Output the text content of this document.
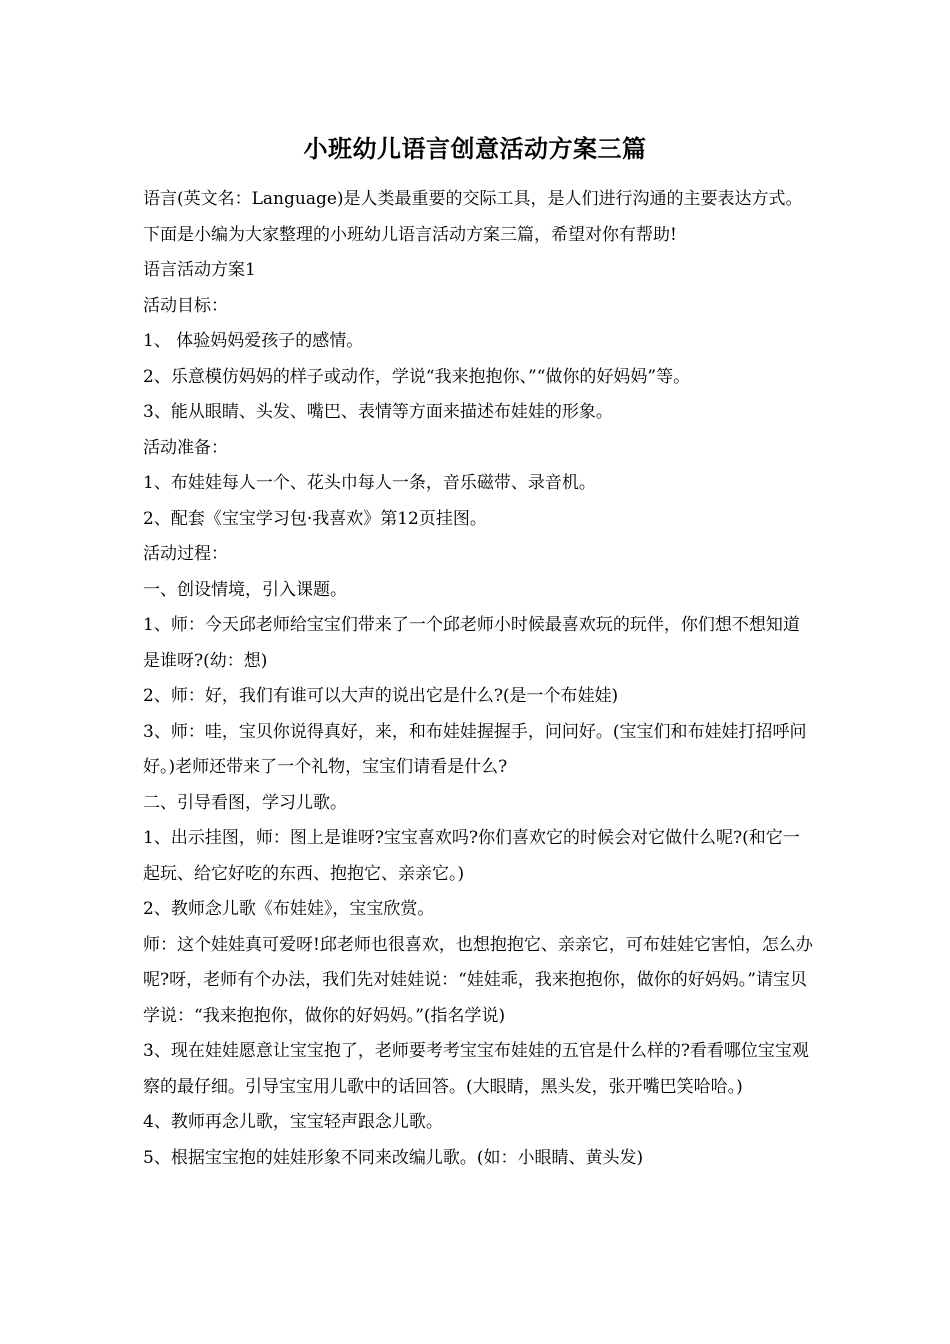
小班幼儿语言创意活动方案三篇

语言(英文名：Language)是人类最重要的交际工具，是人们进行沟通的主要表达方式。下面是小编为大家整理的小班幼儿语言活动方案三篇，希望对你有帮助!

语言活动方案1

活动目标：

1、 体验妈妈爱孩子的感情。

2、乐意模仿妈妈的样子或动作，学说“我来抱抱你、”“做你的好妈妈”等。

3、能从眼睛、头发、嘴巴、表情等方面来描述布娃娃的形象。

活动准备：

1、布娃娃每人一个、花头巾每人一条，音乐磁带、录音机。

2、配套《宝宝学习包·我喜欢》第12页挂图。

活动过程：

一、创设情境，引入课题。

1、师：今天邱老师给宝宝们带来了一个邱老师小时候最喜欢玩的玩伴，你们想不想知道是谁呀?(幼：想)

2、师：好，我们有谁可以大声的说出它是什么?(是一个布娃娃)

3、师：哇，宝贝你说得真好，来，和布娃娃握握手，问问好。(宝宝们和布娃娃打招呼问好。)老师还带来了一个礼物，宝宝们请看是什么?

二、引导看图，学习儿歌。

1、出示挂图，师：图上是谁呀?宝宝喜欢吗?你们喜欢它的时候会对它做什么呢?(和它一起玩、给它好吃的东西、抱抱它、亲亲它。)

2、教师念儿歌《布娃娃》，宝宝欣赏。

师：这个娃娃真可爱呀!邱老师也很喜欢，也想抱抱它、亲亲它，可布娃娃它害怕，怎么办呢?呀，老师有个办法，我们先对娃娃说：“娃娃乖，我来抱抱你，做你的好妈妈。”请宝贝学说：“我来抱抱你，做你的好妈妈。”(指名学说)

3、现在娃娃愿意让宝宝抱了，老师要考考宝宝布娃娃的五官是什么样的?看看哪位宝宝观察的最仔细。引导宝宝用儿歌中的话回答。(大眼睛，黑头发，张开嘴巴笑哈哈。)

4、教师再念儿歌，宝宝轻声跟念儿歌。

5、根据宝宝抱的娃娃形象不同来改编儿歌。(如：小眼睛、黄头发)
